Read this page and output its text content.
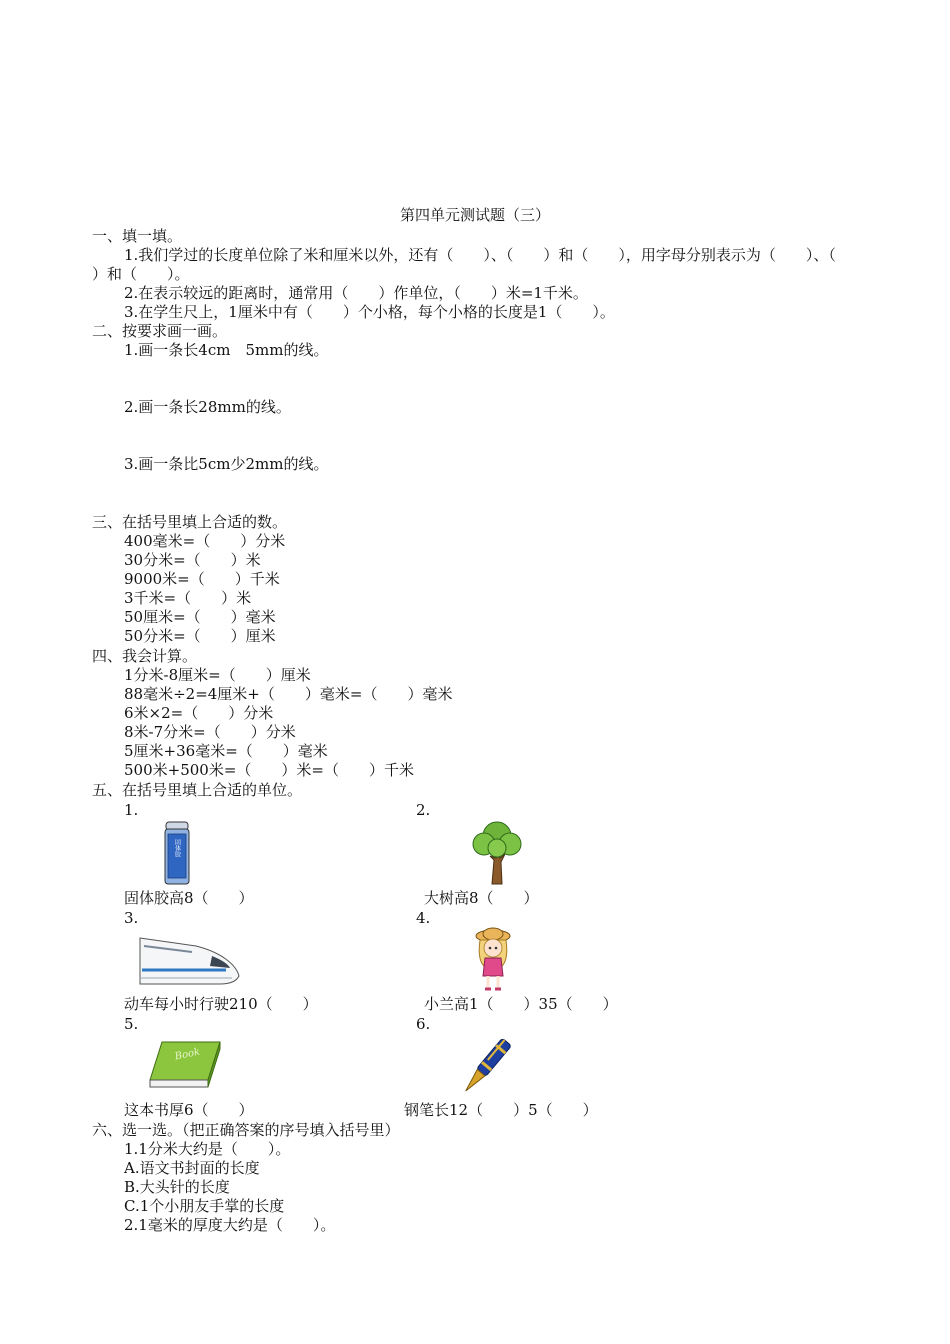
第四单元测试题（三）
一、填一填。
1.我们学过的长度单位除了米和厘米以外，还有（　　）、（　　）和（　　），用字母分别表示为（　　）、（
）和（　　）。
2.在表示较远的距离时，通常用（　　）作单位，（　　）米=1千米。
3.在学生尺上，1厘米中有（　　）个小格，每个小格的长度是1（　　）。
二、按要求画一画。
1.画一条长4cm　5mm的线。
2.画一条长28mm的线。
3.画一条比5cm少2mm的线。
三、在括号里填上合适的数。
400毫米=（　　）分米
30分米=（　　）米
9000米=（　　）千米
3千米=（　　）米
50厘米=（　　）毫米
50分米=（　　）厘米
四、我会计算。
1分米-8厘米=（　　）厘米
88毫米÷2=4厘米+（　　）毫米=（　　）毫米
6米×2=（　　）分米
8米-7分米=（　　）分米
5厘米+36毫米=（　　）毫米
500米+500米=（　　）米=（　　）千米
五、在括号里填上合适的单位。
1.	2.
固体胶
固体胶高8（　　）	大树高8（　　）
3.	4.
动车每小时行驶210（　　）	小兰高1（　　）35（　　）
5.	6.
Book
这本书厚6（　　）	钢笔长12（　　）5（　　）
六、选一选。（把正确答案的序号填入括号里）
1.1分米大约是（　　）。
A.语文书封面的长度
B.大头针的长度
C.1个小朋友手掌的长度
2.1毫米的厚度大约是（　　）。
